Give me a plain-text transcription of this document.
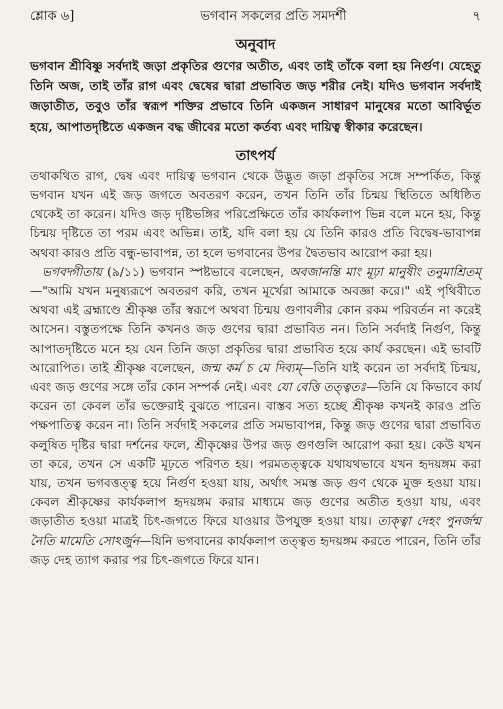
শ্লোক ৬]	ভগবান সকলের প্রতি সমদর্শী	৭
অনুবাদ
ভগবান শ্রীবিষ্ণু সর্বদাই জড়া প্রকৃতির গুণের অতীত, এবং তাই তাঁকে বলা হয় নির্গুণ। যেহেতু তিনি অজ, তাই তাঁর রাগ এবং দ্বেষের দ্বারা প্রভাবিত জড় শরীর নেই। যদিও ভগবান সর্বদাই জড়াতীত, তবুও তাঁর স্বরূপ শক্তির প্রভাবে তিনি একজন সাধারণ মানুষের মতো আবির্ভূত হয়ে, আপাতদৃষ্টিতে একজন বদ্ধ জীবের মতো কর্তব্য এবং দায়িত্ব স্বীকার করেছেন।
তাৎপর্য

তথাকথিত রাগ, দ্বেষ এবং দায়িত্ব ভগবান থেকে উদ্ভূত জড়া প্রকৃতির সঙ্গে সম্পর্কিত, কিন্তু ভগবান যখন এই জড় জগতে অবতরণ করেন, তখন তিনি তাঁর চিন্ময় স্থিতিতে অধিষ্ঠিত থেকেই তা করেন। যদিও জড় দৃষ্টিভঙ্গির পরিপ্রেক্ষিতে তাঁর কার্যকলাপ ভিন্ন বলে মনে হয়, কিন্তু চিন্ময় দৃষ্টিতে তা পরম এবং অভিন্ন। তাই, যদি বলা হয় যে তিনি কারও প্রতি বিদ্বেষ-ভাবাপন্ন অথবা কারও প্রতি বন্ধু-ভাবাপন্ন, তা হলে ভগবানের উপর দ্বৈতভাব আরোপ করা হয়।

ভগবদ্গীতায় (৯/১১) ভগবান স্পষ্টভাবে বলেছেন, অবজানন্তি মাং মূঢ়া মানুষীং তনুমাশ্রিতম্—"আমি যখন মনুষ্যরূপে অবতরণ করি, তখন মূর্খেরা আমাকে অবজ্ঞা করে।" এই পৃথিবীতে অথবা এই ব্রহ্মাণ্ডে শ্রীকৃষ্ণ তাঁর স্বরূপে অথবা চিন্ময় গুণাবলীর কোন রকম পরিবর্তন না করেই আসেন। বস্তুতপক্ষে তিনি কখনও জড় গুণের দ্বারা প্রভাবিত নন। তিনি সর্বদাই নির্গুণ, কিন্তু আপাতদৃষ্টিতে মনে হয় যেন তিনি জড়া প্রকৃতির দ্বারা প্রভাবিত হয়ে কার্য করছেন। এই ভাবটি আরোপিত। তাই শ্রীকৃষ্ণ বলেছেন, জন্ম কর্ম চ মে দিব্যম্—তিনি যাই করেন তা সর্বদাই চিন্ময়, এবং জড় গুণের সঙ্গে তাঁর কোন সম্পর্ক নেই। এবং যো বেত্তি তত্ত্বতঃ—তিনি যে কিভাবে কার্য করেন তা কেবল তাঁর ভক্তেরাই বুঝতে পারেন। বাস্তব সত্য হচ্ছে শ্রীকৃষ্ণ কখনই কারও প্রতি পক্ষপাতিত্ব করেন না। তিনি সর্বদাই সকলের প্রতি সমভাবাপন্ন, কিন্তু জড় গুণের দ্বারা প্রভাবিত কলুষিত দৃষ্টির দ্বারা দর্শনের ফলে, শ্রীকৃষ্ণের উপর জড় গুণগুলি আরোপ করা হয়। কেউ যখন তা করে, তখন সে একটি মূঢ়তে পরিণত হয়। পরমতত্ত্বকে যথাযথভাবে যখন হৃদয়ঙ্গম করা যায়, তখন ভগবত্তত্ত্ব হয়ে নির্গুণ হওয়া যায়, অর্থাৎ সমস্ত জড় গুণ থেকে মুক্ত হওয়া যায়। কেবল শ্রীকৃষ্ণের কার্যকলাপ হৃদয়ঙ্গম করার মাধ্যমে জড় গুণের অতীত হওয়া যায়, এবং জড়াতীত হওয়া মাত্রই চিৎ-জগতে ফিরে যাওয়ার উপযুক্ত হওয়া যায়। ত্যক্ত্বা দেহং পুনর্জন্ম নৈতি মামেতি সোঽর্জুন—যিনি ভগবানের কার্যকলাপ তত্ত্বত হৃদয়ঙ্গম করতে পারেন, তিনি তাঁর জড় দেহ ত্যাগ করার পর চিৎ-জগতে ফিরে যান।
